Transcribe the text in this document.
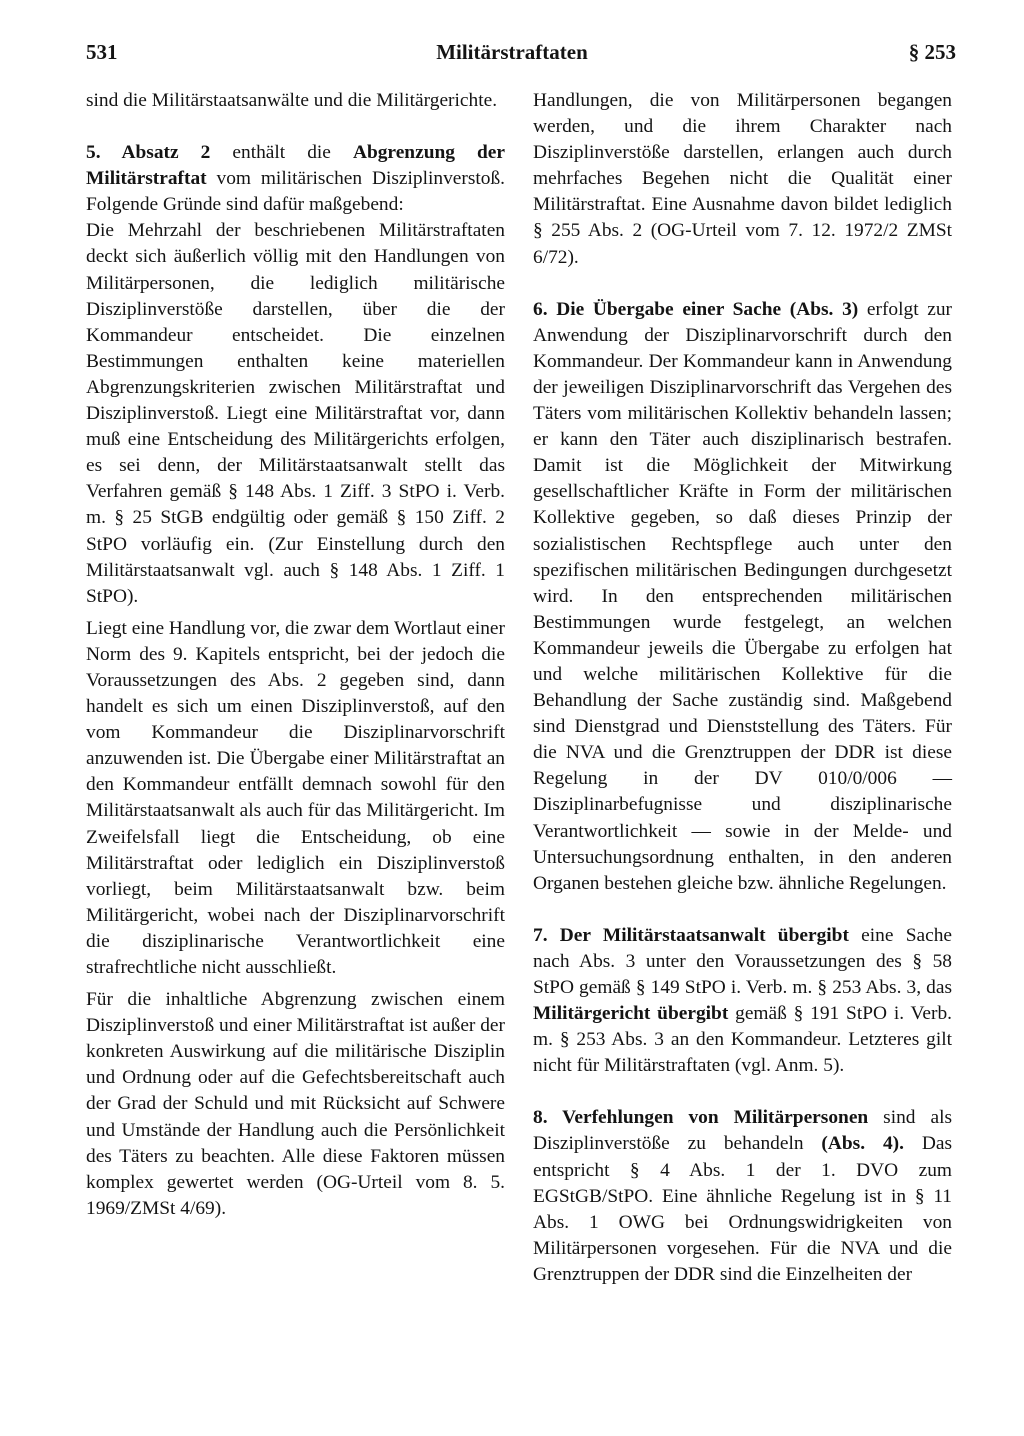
531	Militärstraftaten	§ 253

sind die Militärstaatsanwälte und die Militärgerichte.

5. Absatz 2 enthält die Abgrenzung der Militärstraftat vom militärischen Disziplinverstoß. Folgende Gründe sind dafür maßgebend:

Die Mehrzahl der beschriebenen Militärstraftaten deckt sich äußerlich völlig mit den Handlungen von Militärpersonen, die lediglich militärische Disziplinverstöße darstellen, über die der Kommandeur entscheidet. Die einzelnen Bestimmungen enthalten keine materiellen Abgrenzungskriterien zwischen Militärstraftat und Disziplinverstoß. Liegt eine Militärstraftat vor, dann muß eine Entscheidung des Militärgerichts erfolgen, es sei denn, der Militärstaatsanwalt stellt das Verfahren gemäß § 148 Abs. 1 Ziff. 3 StPO i. Verb. m. § 25 StGB endgültig oder gemäß § 150 Ziff. 2 StPO vorläufig ein. (Zur Einstellung durch den Militärstaatsanwalt vgl. auch § 148 Abs. 1 Ziff. 1 StPO).

Liegt eine Handlung vor, die zwar dem Wortlaut einer Norm des 9. Kapitels entspricht, bei der jedoch die Voraussetzungen des Abs. 2 gegeben sind, dann handelt es sich um einen Disziplinverstoß, auf den vom Kommandeur die Disziplinarvorschrift anzuwenden ist. Die Übergabe einer Militärstraftat an den Kommandeur entfällt demnach sowohl für den Militärstaatsanwalt als auch für das Militärgericht. Im Zweifelsfall liegt die Entscheidung, ob eine Militärstraftat oder lediglich ein Disziplinverstoß vorliegt, beim Militärstaatsanwalt bzw. beim Militärgericht, wobei nach der Disziplinarvorschrift die disziplinarische Verantwortlichkeit eine strafrechtliche nicht ausschließt.

Für die inhaltliche Abgrenzung zwischen einem Disziplinverstoß und einer Militärstraftat ist außer der konkreten Auswirkung auf die militärische Disziplin und Ordnung oder auf die Gefechtsbereitschaft auch der Grad der Schuld und mit Rücksicht auf Schwere und Umstände der Handlung auch die Persönlichkeit des Täters zu beachten. Alle diese Faktoren müssen komplex gewertet werden (OG-Urteil vom 8. 5. 1969/ZMSt 4/69).

Handlungen, die von Militärpersonen begangen werden, und die ihrem Charakter nach Disziplinverstöße darstellen, erlangen auch durch mehrfaches Begehen nicht die Qualität einer Militärstraftat. Eine Ausnahme davon bildet lediglich § 255 Abs. 2 (OG-Urteil vom 7. 12. 1972/2 ZMSt 6/72).

6. Die Übergabe einer Sache (Abs. 3) erfolgt zur Anwendung der Disziplinarvorschrift durch den Kommandeur. Der Kommandeur kann in Anwendung der jeweiligen Disziplinarvorschrift das Vergehen des Täters vom militärischen Kollektiv behandeln lassen; er kann den Täter auch disziplinarisch bestrafen. Damit ist die Möglichkeit der Mitwirkung gesellschaftlicher Kräfte in Form der militärischen Kollektive gegeben, so daß dieses Prinzip der sozialistischen Rechtspflege auch unter den spezifischen militärischen Bedingungen durchgesetzt wird. In den entsprechenden militärischen Bestimmungen wurde festgelegt, an welchen Kommandeur jeweils die Übergabe zu erfolgen hat und welche militärischen Kollektive für die Behandlung der Sache zuständig sind. Maßgebend sind Dienstgrad und Dienststellung des Täters. Für die NVA und die Grenztruppen der DDR ist diese Regelung in der DV 010/0/006 — Disziplinarbefugnisse und disziplinarische Verantwortlichkeit — sowie in der Melde- und Untersuchungsordnung enthalten, in den anderen Organen bestehen gleiche bzw. ähnliche Regelungen.

7. Der Militärstaatsanwalt übergibt eine Sache nach Abs. 3 unter den Voraussetzungen des § 58 StPO gemäß § 149 StPO i. Verb. m. § 253 Abs. 3, das Militärgericht übergibt gemäß § 191 StPO i. Verb. m. § 253 Abs. 3 an den Kommandeur. Letzteres gilt nicht für Militärstraftaten (vgl. Anm. 5).

8. Verfehlungen von Militärpersonen sind als Disziplinverstöße zu behandeln (Abs. 4). Das entspricht § 4 Abs. 1 der 1. DVO zum EGStGB/StPO. Eine ähnliche Regelung ist in § 11 Abs. 1 OWG bei Ordnungswidrigkeiten von Militärpersonen vorgesehen. Für die NVA und die Grenztruppen der DDR sind die Einzelheiten der
